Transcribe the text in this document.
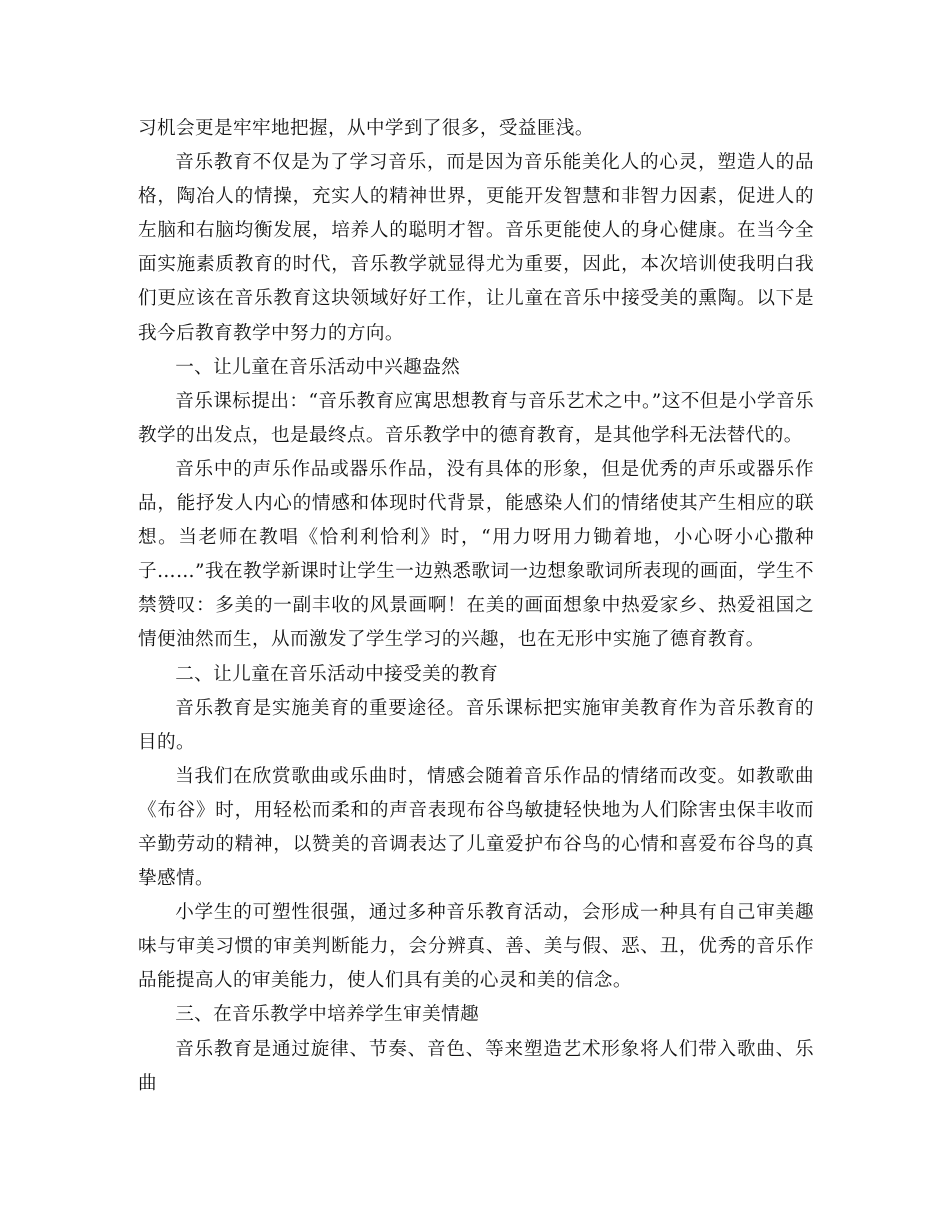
习机会更是牢牢地把握，从中学到了很多，受益匪浅。

音乐教育不仅是为了学习音乐，而是因为音乐能美化人的心灵，塑造人的品格，陶冶人的情操，充实人的精神世界，更能开发智慧和非智力因素，促进人的左脑和右脑均衡发展，培养人的聪明才智。音乐更能使人的身心健康。在当今全面实施素质教育的时代，音乐教学就显得尤为重要，因此，本次培训使我明白我们更应该在音乐教育这块领域好好工作，让儿童在音乐中接受美的熏陶。以下是我今后教育教学中努力的方向。

一、让儿童在音乐活动中兴趣盎然

音乐课标提出：“音乐教育应寓思想教育与音乐艺术之中。”这不但是小学音乐教学的出发点，也是最终点。音乐教学中的德育教育，是其他学科无法替代的。

音乐中的声乐作品或器乐作品，没有具体的形象，但是优秀的声乐或器乐作品，能抒发人内心的情感和体现时代背景，能感染人们的情绪使其产生相应的联想。当老师在教唱《恰利利恰利》时，“用力呀用力锄着地，小心呀小心撒种子……”我在教学新课时让学生一边熟悉歌词一边想象歌词所表现的画面，学生不禁赞叹：多美的一副丰收的风景画啊！在美的画面想象中热爱家乡、热爱祖国之情便油然而生，从而激发了学生学习的兴趣，也在无形中实施了德育教育。

二、让儿童在音乐活动中接受美的教育

音乐教育是实施美育的重要途径。音乐课标把实施审美教育作为音乐教育的目的。

当我们在欣赏歌曲或乐曲时，情感会随着音乐作品的情绪而改变。如教歌曲《布谷》时，用轻松而柔和的声音表现布谷鸟敏捷轻快地为人们除害虫保丰收而辛勤劳动的精神，以赞美的音调表达了儿童爱护布谷鸟的心情和喜爱布谷鸟的真挚感情。

小学生的可塑性很强，通过多种音乐教育活动，会形成一种具有自己审美趣味与审美习惯的审美判断能力，会分辨真、善、美与假、恶、丑，优秀的音乐作品能提高人的审美能力，使人们具有美的心灵和美的信念。

三、在音乐教学中培养学生审美情趣

音乐教育是通过旋律、节奏、音色、等来塑造艺术形象将人们带入歌曲、乐曲
